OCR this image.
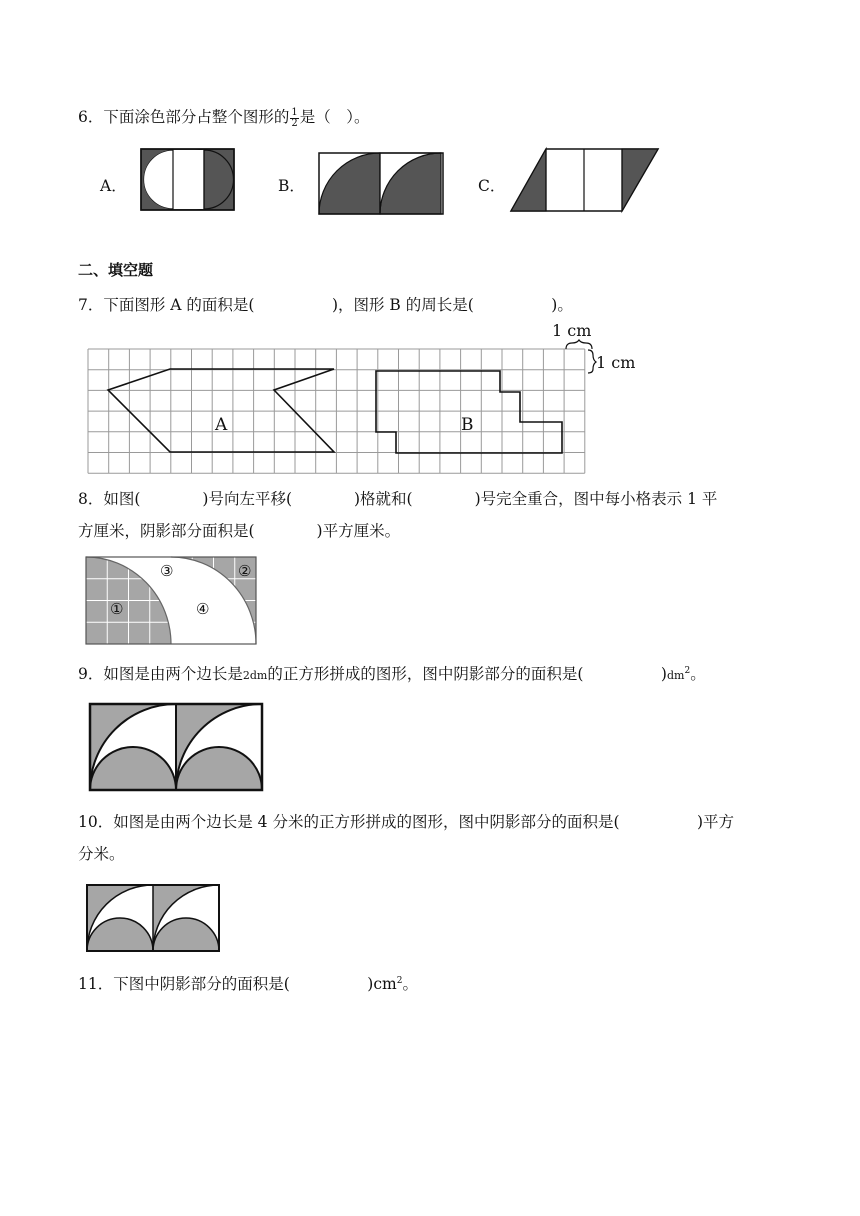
6．下面涂色部分占整个图形的 $\frac{1}{2}$ 是（　）。
A．	B．	C．
二、填空题
7．下面图形 A 的面积是(　　　　　)，图形 B 的周长是(　　　　　)。
1 cm
1 cm
A	B
8．如图(　　　　)号向左平移(　　　　)格就和(　　　　)号完全重合，图中每小格表示 1 平
方厘米，阴影部分面积是(　　　　)平方厘米。
③	②
①	④
9．如图是由两个边长是2dm的正方形拼成的图形，图中阴影部分的面积是(　　　　　)$dm^2$。
10．如图是由两个边长是 4 分米的正方形拼成的图形，图中阴影部分的面积是(　　　　　)平方
分米。
11．下图中阴影部分的面积是(　　　　　)$cm^2$。
